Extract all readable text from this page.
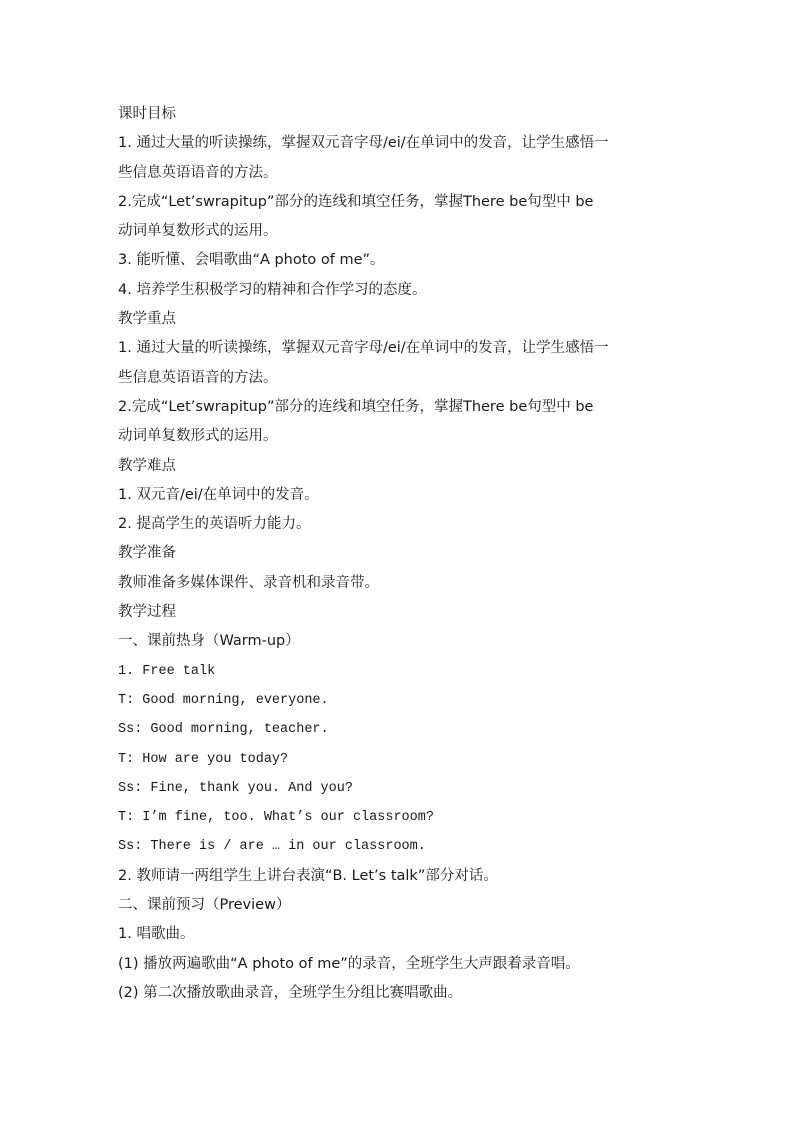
课时目标
1. 通过大量的听读操练，掌握双元音字母/ei/在单词中的发音，让学生感悟一
些信息英语语音的方法。
2.完成“Let’swrapitup”部分的连线和填空任务，掌握There be句型中 be
动词单复数形式的运用。
3. 能听懂、会唱歌曲“A photo of me”。
4. 培养学生积极学习的精神和合作学习的态度。
教学重点
1. 通过大量的听读操练，掌握双元音字母/ei/在单词中的发音，让学生感悟一
些信息英语语音的方法。
2.完成“Let’swrapitup”部分的连线和填空任务，掌握There be句型中 be
动词单复数形式的运用。
教学难点
1. 双元音/ei/在单词中的发音。
2. 提高学生的英语听力能力。
教学准备
教师准备多媒体课件、录音机和录音带。
教学过程
一、课前热身（Warm-up）
1. Free talk
T: Good morning, everyone.
Ss: Good morning, teacher.
T: How are you today?
Ss: Fine, thank you. And you?
T: I’m fine, too. What’s our classroom?
Ss: There is / are … in our classroom.
2. 教师请一两组学生上讲台表演“B. Let’s talk”部分对话。
二、课前预习（Preview）
1. 唱歌曲。
(1) 播放两遍歌曲“A photo of me”的录音，全班学生大声跟着录音唱。
(2) 第二次播放歌曲录音，全班学生分组比赛唱歌曲。
